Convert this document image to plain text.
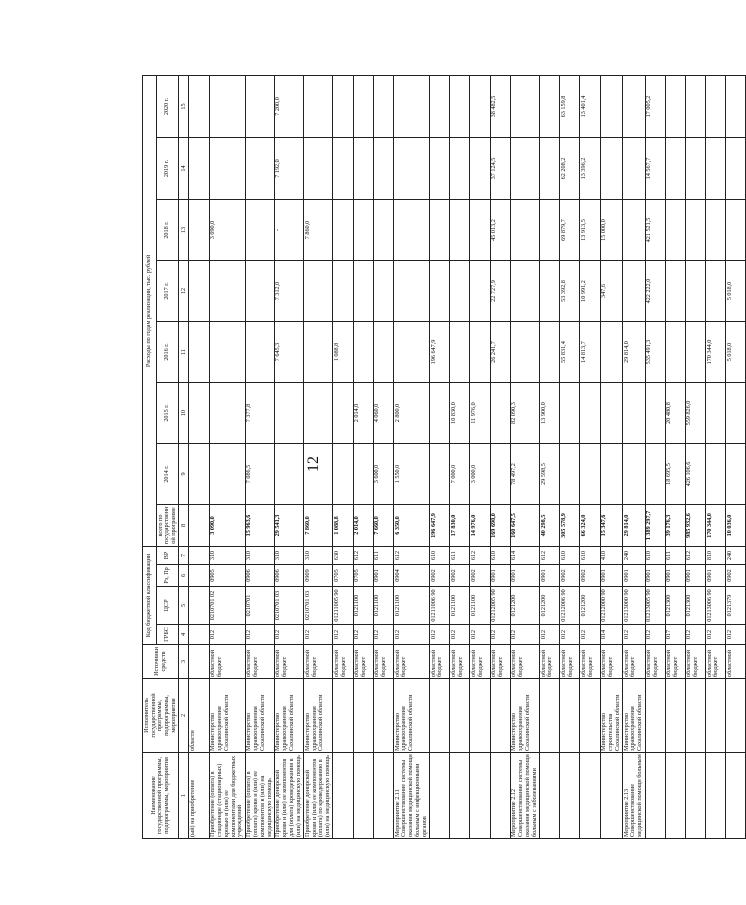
12
Наименование государственной программы, подпрограммы, мероприятия	Исполнитель государственной программы, подпрограммы, мероприятия	Источники средств	Код бюджетной классификации				Расходы по годам реализации, тыс. рублей							
			ГРБС	ЦСР	Рз, Пр	ВР	всего по государственной программе	2014 г.	2015 г.	2016 г.	2017 г.	2018 г.	2019 г.	2020 г.

1	2	3	4	5	6	7	8	9	10	11	12	13	14	15
(ый) на приобретение	области													
Приобретение (оплата) в стационаре (стационарных) кровью и (или) ее компонентами для бюджетных учреждений	Министерство здравоохранения Сахалинской области	областной бюджет	012	0210701 02	0905	310	3 090,0					3 090,0		
Приобретение (оплата) в (оплата) крови и (или) ее компонентов в (или) на медицинскую помощь	Министерство здравоохранения Сахалинской области	областной бюджет	012	0210701	0906	310	15 963,6	7 086,5	7 377,8					
Приобретение донорской крови и (или) ее компонентов для (оплата) кроведержания в (или) на медицинскую помощь	Министерство здравоохранения Сахалинской области	областной бюджет	012	0210701 03	0906	310	29 541,3			7 645,3	7 312,0	-	7 192,0	7 200,0
Приобретение донорской крови и (или) ее компонентов (оплата) по кроведержанию в (или) на медицинскую помощь	Министерство здравоохранения Сахалинской области	областной бюджет	012	0210701 03	0909	310	7 860,0					7 860,0		
		областной бюджет	012	01211005 90	0705	630	1 088,8			1 088,8				
		областной бюджет	012	0121100	0705	612	2 014,0		2 014,0					
		областной бюджет	012	0121100	0901	611	7 660,0	3 600,0	4 060,0					
Мероприятие 2.11 Совершенствование системы оказания медицинской помощи больным с инфекционными органов	Министерство здравоохранения Сахалинской области	областной бюджет	012	0121100	0904	612	6 350,0	1 550,0	2 800,0					
		областной бюджет	012	01211006 90	0902	610	196 647,9			196 647,9				
		областной бюджет	012	0121100	0902	611	17 830,0	7 000,0	10 830,0					
		областной бюджет	012	0121100	0902	612	14 976,0	3 000,0	11 976,0					
		областной бюджет	012	01212005 90	0901	610	169 690,0			26 241,7	22 727,9	45 013,2	37 124,5	38 482,5
Мероприятие 2.12 Совершенствование системы оказания медицинской помощи больным с заболеваниями	Министерство здравоохранения Сахалинской области	областной бюджет	012	0121200	0901	614	160 647,5	78 497,2	82 090,3					
		областной бюджет	012	0121200	0901	612	40 298,5	29 598,5	13 900,0					
		областной бюджет	012	01212006 90	0902	610	305 578,9			55 831,4	53 392,8	69 879,7	62 208,2	63 159,8
		областной бюджет	012	0121200	0902	610	66 324,0			14 813,7	10 991,2	13 913,5	13 396,2	13 401,4
	Министерство строительства Сахалинской области	областной бюджет	014	01212000 90	0901	410	15 347,6				347,6	15 000,0		
Мероприятие 2.13 Совершенствование медицинской помощи больным	Министерство здравоохранения Сахалинской области	областной бюджет	012	01213000 90	0901	240	29 814,0			29 814,0				
		областной бюджет	012	01213005 90	0901	610	1 389 297,7			535 491,3	422 222,0	421 521,5	14 567,7	17 005,2
		областной бюджет	017	0121300	0901	611	39 176,3	18 695,5	20 480,8					
		областной бюджет	012	0121300	0901	612	985 932,6	426 106,6	559 826,0					
		областной бюджет	012	01213006 90	0901	810	170 344,0			170 344,0				
		областной	012	0121379	0902	240	10 036,0			5 018,0	5 018,0			
